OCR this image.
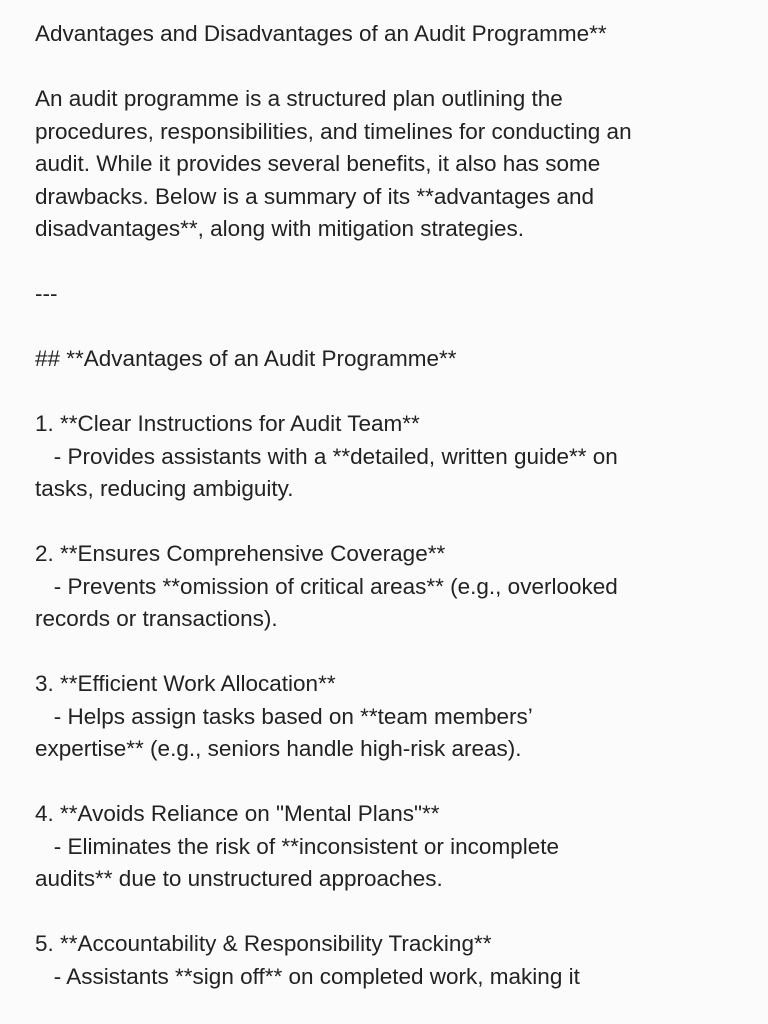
Advantages and Disadvantages of an Audit Programme**
An audit programme is a structured plan outlining the
procedures, responsibilities, and timelines for conducting an
audit. While it provides several benefits, it also has some
drawbacks. Below is a summary of its **advantages and
disadvantages**, along with mitigation strategies.
---
## **Advantages of an Audit Programme**
1. **Clear Instructions for Audit Team**
- Provides assistants with a **detailed, written guide** on
tasks, reducing ambiguity.
2. **Ensures Comprehensive Coverage**
- Prevents **omission of critical areas** (e.g., overlooked
records or transactions).
3. **Efficient Work Allocation**
- Helps assign tasks based on **team members’
expertise** (e.g., seniors handle high-risk areas).
4. **Avoids Reliance on "Mental Plans"**
- Eliminates the risk of **inconsistent or incomplete
audits** due to unstructured approaches.
5. **Accountability & Responsibility Tracking**
- Assistants **sign off** on completed work, making it
